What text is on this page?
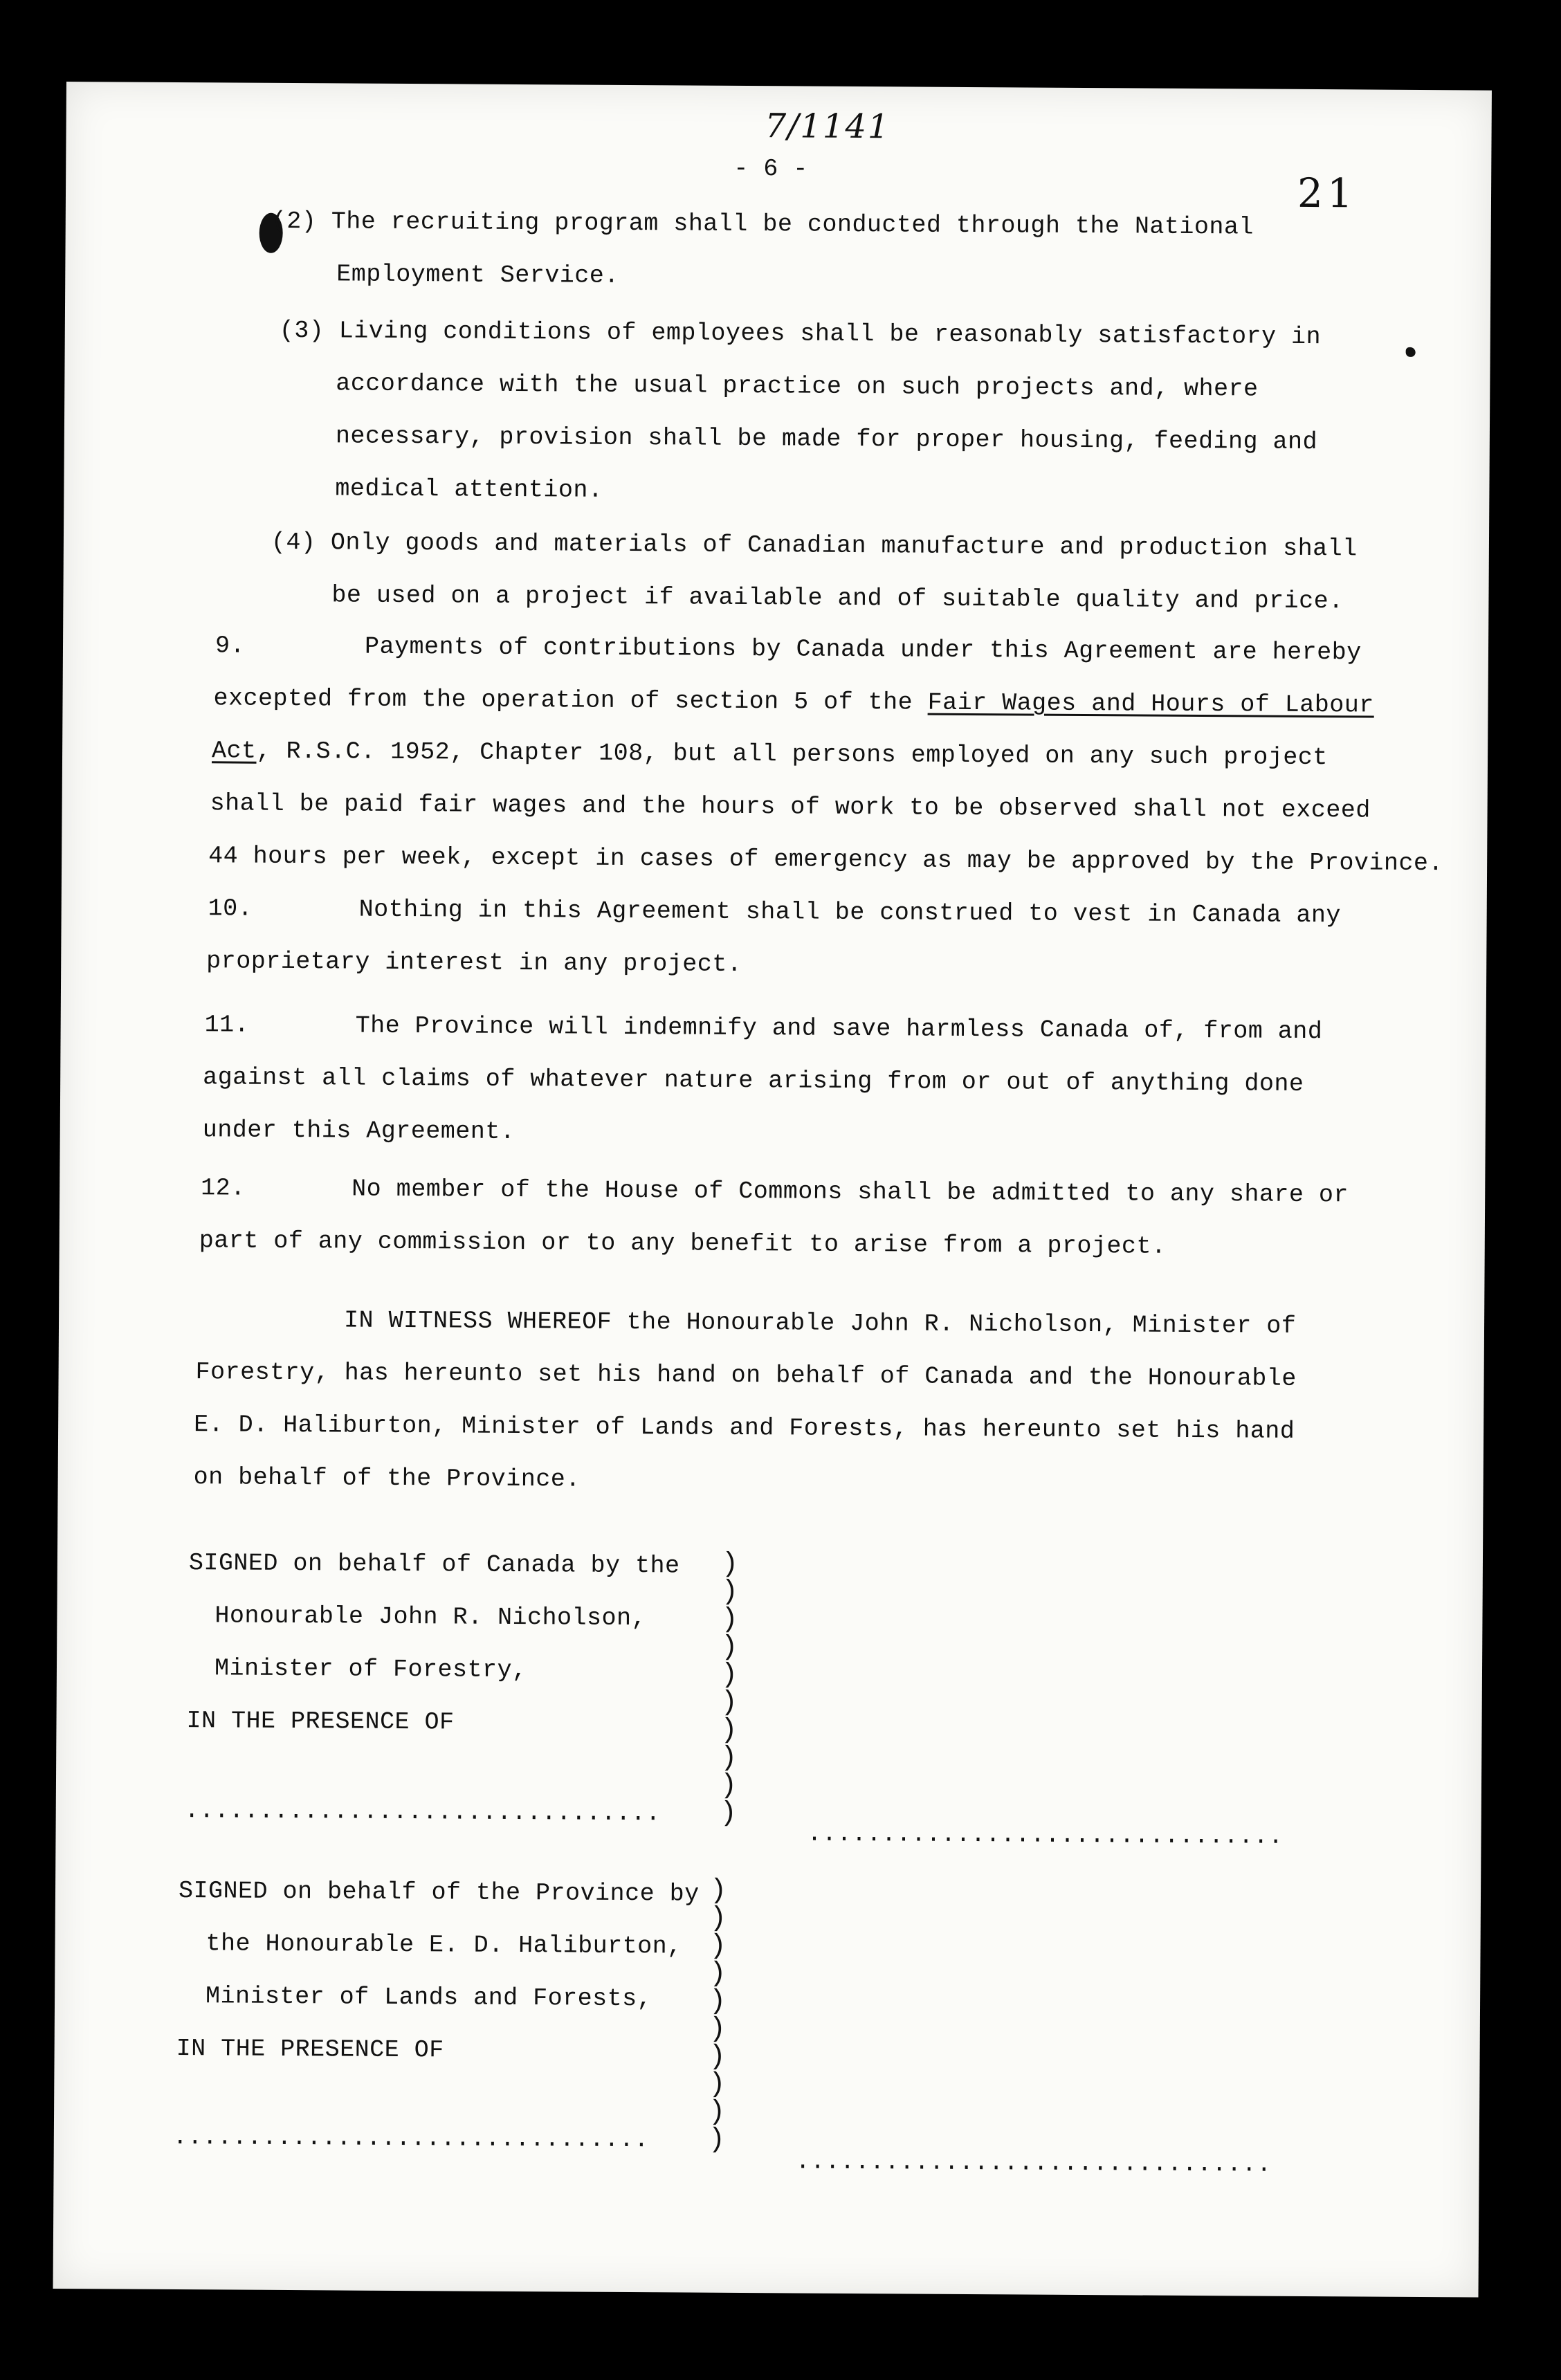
7/1141
- 6 -
21
(2) The recruiting program shall be conducted through the National
Employment Service.
(3) Living conditions of employees shall be reasonably satisfactory in
accordance with the usual practice on such projects and, where
necessary, provision shall be made for proper housing, feeding and
medical attention.
(4) Only goods and materials of Canadian manufacture and production shall
be used on a project if available and of suitable quality and price.
9.	Payments of contributions by Canada under this Agreement are hereby
excepted from the operation of section 5 of the Fair Wages and Hours of Labour
Act, R.S.C. 1952, Chapter 108, but all persons employed on any such project
shall be paid fair wages and the hours of work to be observed shall not exceed
44 hours per week, except in cases of emergency as may be approved by the Province.
10.	Nothing in this Agreement shall be construed to vest in Canada any
proprietary interest in any project.
11.	The Province will indemnify and save harmless Canada of, from and
against all claims of whatever nature arising from or out of anything done
under this Agreement.
12.	No member of the House of Commons shall be admitted to any share or
part of any commission or to any benefit to arise from a project.
IN WITNESS WHEREOF the Honourable John R. Nicholson, Minister of
Forestry, has hereunto set his hand on behalf of Canada and the Honourable
E. D. Haliburton, Minister of Lands and Forests, has hereunto set his hand
on behalf of the Province.
SIGNED on behalf of Canada by the
Honourable John R. Nicholson,
Minister of Forestry,
IN THE PRESENCE OF
)
)
)
)
)
)
)
)
)
)
................................
................................
SIGNED on behalf of the Province by
the Honourable E. D. Haliburton,
Minister of Lands and Forests,
IN THE PRESENCE OF
)
)
)
)
)
)
)
)
)
)
................................
................................
